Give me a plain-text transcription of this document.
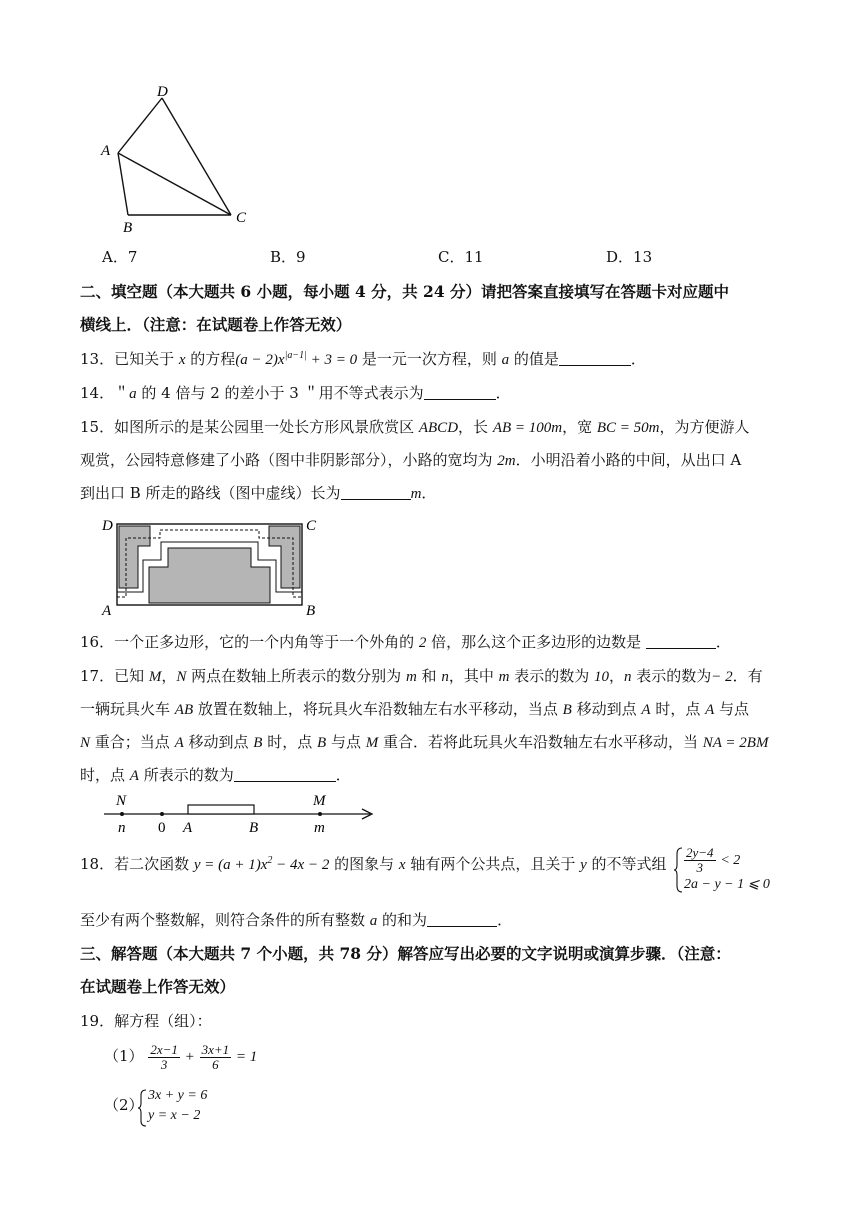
D
A
B
C
A．7	B．9	C．11	D．13
二、填空题（本大题共 6 小题，每小题 4 分，共 24 分）请把答案直接填写在答题卡对应题中
横线上．（注意：在试题卷上作答无效）
13．已知关于 x 的方程$(a - 2)x^{|a-1|} + 3 = 0$ 是一元一次方程，则 a 的值是	．
14．＂a 的 4 倍与 2 的差小于 3 ＂用不等式表示为	．
15．如图所示的是某公园里一处长方形风景欣赏区 ABCD，长 AB = 100m，宽 BC = 50m，为方便游人
观赏，公园特意修建了小路（图中非阴影部分），小路的宽均为 2m．小明沿着小路的中间，从出口 A
到出口 B 所走的路线（图中虚线）长为	m．
D	C
A	B
16．一个正多边形，它的一个内角等于一个外角的 2 倍，那么这个正多边形的边数是	．
17．已知 M，N 两点在数轴上所表示的数分别为 m 和 n，其中 m 表示的数为 10，n 表示的数为− 2．有
一辆玩具火车 AB 放置在数轴上，将玩具火车沿数轴左右水平移动，当点 B 移动到点 A 时，点 A 与点
N 重合；当点 A 移动到点 B 时，点 B 与点 M 重合．若将此玩具火车沿数轴左右水平移动，当 NA = 2BM
时，点 A 所表示的数为	．
N	M
n 0 A	B	m
18．若二次函数 $y = (a + 1)x^2 - 4x - 2$ 的图象与 x 轴有两个公共点，且关于 y 的不等式组 $\frac{2y-4}{3} < 2$
2a − y − 1 ⩽ 0
至少有两个整数解，则符合条件的所有整数 a 的和为	．
三、解答题（本大题共 7 个小题，共 78 分）解答应写出必要的文字说明或演算步骤．（注意：
在试题卷上作答无效）
19．解方程（组）：
$(1) \frac{2x-1}{3} + \frac{3x+1}{6} = 1$
（2）
3x + y = 6
y = x − 2
